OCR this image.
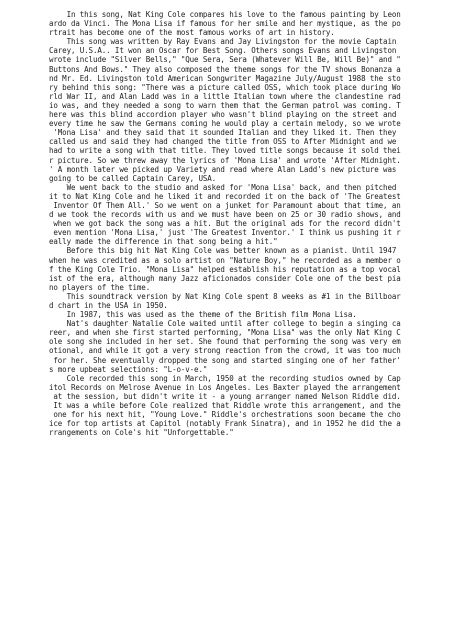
In this song, Nat King Cole compares his love to the famous painting by Leon
ardo da Vinci. The Mona Lisa if famous for her smile and her mystique, as the po
rtrait has become one of the most famous works of art in history.
This song was written by Ray Evans and Jay Livingston for the movie Captain
Carey, U.S.A.. It won an Oscar for Best Song. Others songs Evans and Livingston
wrote include "Silver Bells," "Que Sera, Sera (Whatever Will Be, Will Be)" and "
Buttons And Bows." They also composed the theme songs for the TV shows Bonanza a
nd Mr. Ed. Livingston told American Songwriter Magazine July/August 1988 the sto
ry behind this song: "There was a picture called OSS, which took place during Wo
rld War II, and Alan Ladd was in a little Italian town where the clandestine rad
io was, and they needed a song to warn them that the German patrol was coming. T
here was this blind accordion player who wasn't blind playing on the street and
every time he saw the Germans coming he would play a certain melody, so we wrote
'Mona Lisa' and they said that it sounded Italian and they liked it. Then they
called us and said they had changed the title from OSS to After Midnight and we
had to write a song with that title. They loved title songs because it sold thei
r picture. So we threw away the lyrics of 'Mona Lisa' and wrote 'After Midnight.
' A month later we picked up Variety and read where Alan Ladd's new picture was
going to be called Captain Carey, USA.
We went back to the studio and asked for 'Mona Lisa' back, and then pitched
it to Nat King Cole and he liked it and recorded it on the back of 'The Greatest
Inventor Of Them All.' So we went on a junket for Paramount about that time, an
d we took the records with us and we must have been on 25 or 30 radio shows, and
when we got back the song was a hit. But the original ads for the record didn't
even mention 'Mona Lisa,' just 'The Greatest Inventor.' I think us pushing it r
eally made the difference in that song being a hit."
Before this big hit Nat King Cole was better known as a pianist. Until 1947
when he was credited as a solo artist on "Nature Boy," he recorded as a member o
f the King Cole Trio. "Mona Lisa" helped establish his reputation as a top vocal
ist of the era, although many Jazz aficionados consider Cole one of the best pia
no players of the time.
This soundtrack version by Nat King Cole spent 8 weeks as #1 in the Billboar
d chart in the USA in 1950.
In 1987, this was used as the theme of the British film Mona Lisa.
Nat's daughter Natalie Cole waited until after college to begin a singing ca
reer, and when she first started performing, "Mona Lisa" was the only Nat King C
ole song she included in her set. She found that performing the song was very em
otional, and while it got a very strong reaction from the crowd, it was too much
for her. She eventually dropped the song and started singing one of her father'
s more upbeat selections: "L-o-v-e."
Cole recorded this song in March, 1950 at the recording studios owned by Cap
itol Records on Melrose Avenue in Los Angeles. Les Baxter played the arrangement
at the session, but didn't write it - a young arranger named Nelson Riddle did.
It was a while before Cole realized that Riddle wrote this arrangement, and the
one for his next hit, "Young Love." Riddle's orchestrations soon became the cho
ice for top artists at Capitol (notably Frank Sinatra), and in 1952 he did the a
rrangements on Cole's hit "Unforgettable."
